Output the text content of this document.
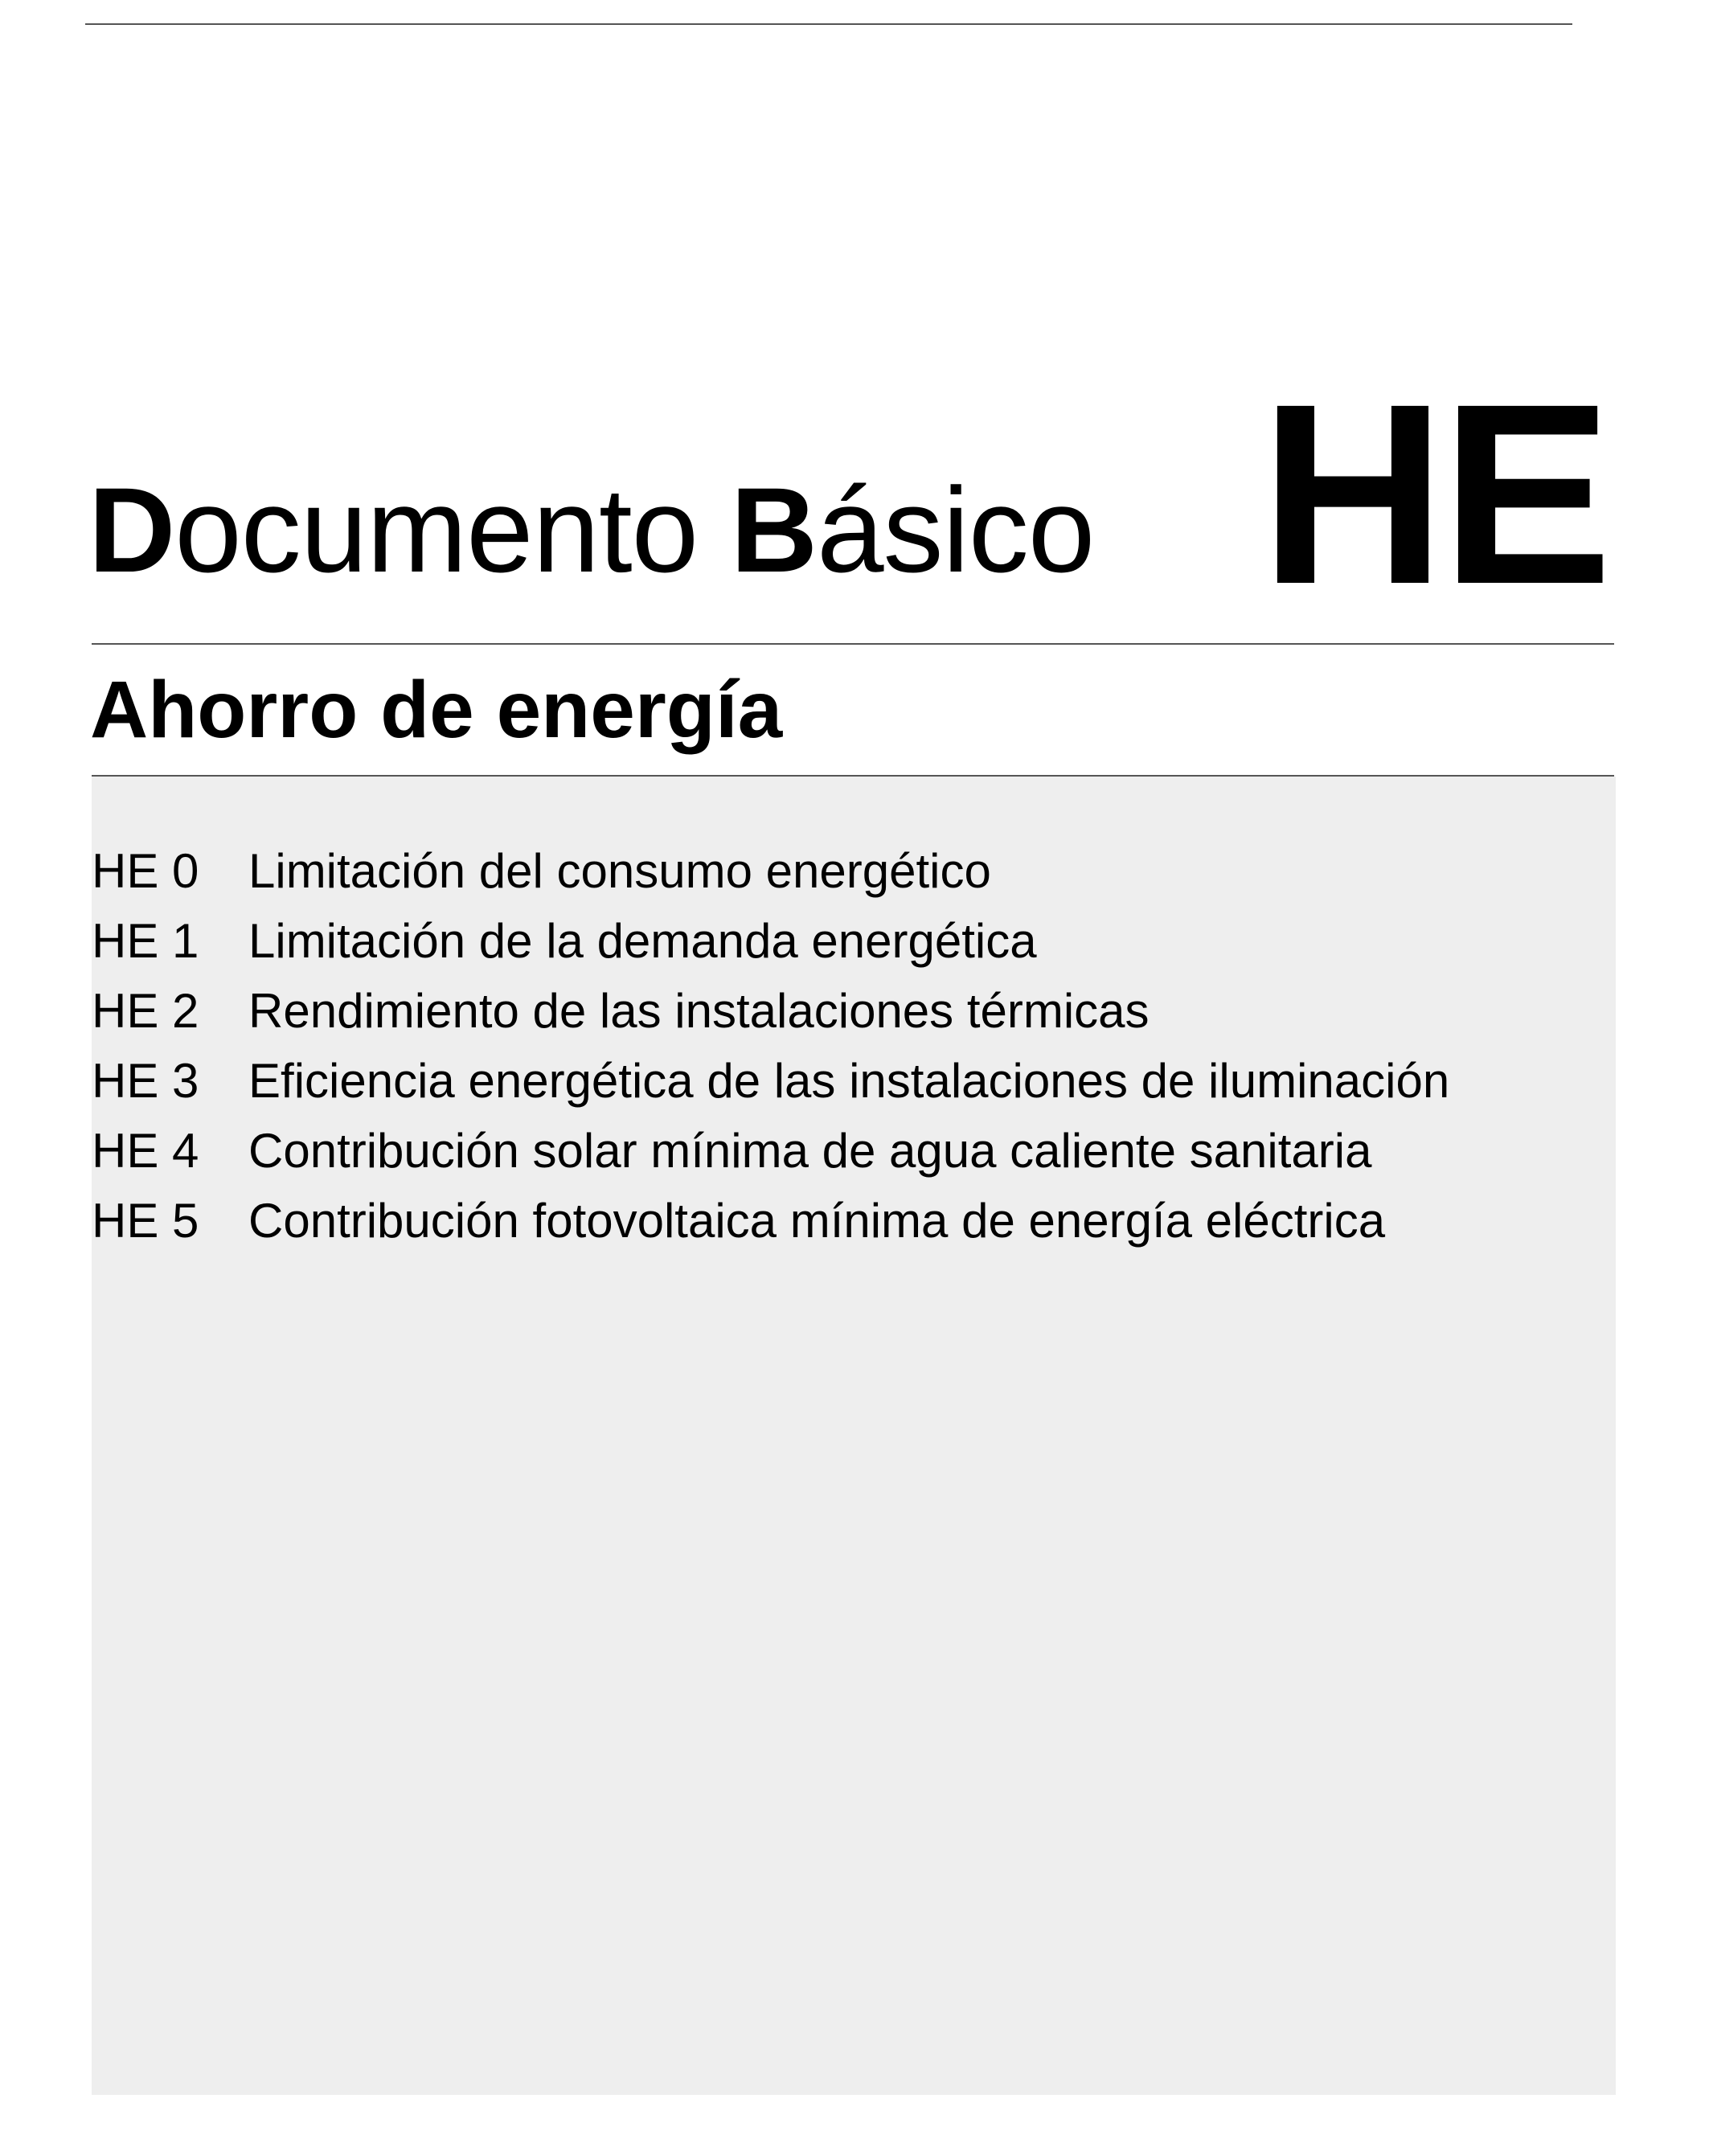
Documento Básico HE
Ahorro de energía
HE 0	Limitación del consumo energético
HE 1	Limitación de la demanda energética
HE 2	Rendimiento de las instalaciones térmicas
HE 3	Eficiencia energética de las instalaciones de iluminación
HE 4	Contribución solar mínima de agua caliente sanitaria
HE 5	Contribución fotovoltaica mínima de energía eléctrica
